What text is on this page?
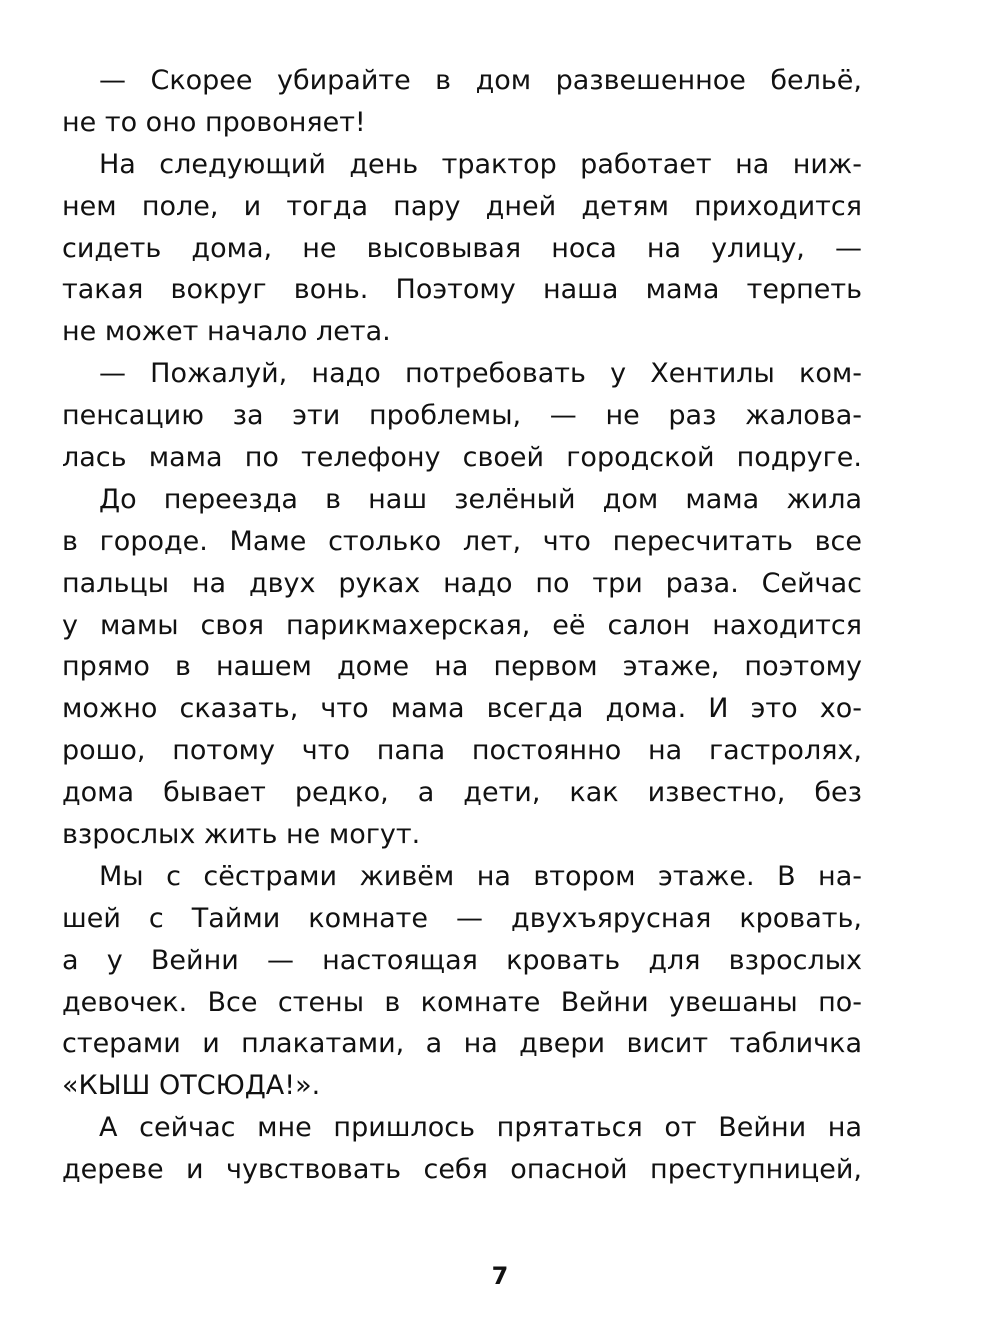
— Скорее убирайте в дом развешенное бельё,
не то оно провоняет!
На следующий день трактор работает на ниж-
нем поле, и тогда пару дней детям приходится
сидеть дома, не высовывая носа на улицу, —
такая вокруг вонь. Поэтому наша мама терпеть
не может начало лета.
— Пожалуй, надо потребовать у Хентилы ком-
пенсацию за эти проблемы, — не раз жалова-
лась мама по телефону своей городской подруге.
До переезда в наш зелёный дом мама жила
в городе. Маме столько лет, что пересчитать все
пальцы на двух руках надо по три раза. Сейчас
у мамы своя парикмахерская, её салон находится
прямо в нашем доме на первом этаже, поэтому
можно сказать, что мама всегда дома. И это хо-
рошо, потому что папа постоянно на гастролях,
дома бывает редко, а дети, как известно, без
взрослых жить не могут.
Мы с сёстрами живём на втором этаже. В на-
шей с Тайми комнате — двухъярусная кровать,
а у Вейни — настоящая кровать для взрослых
девочек. Все стены в комнате Вейни увешаны по-
стерами и плакатами, а на двери висит табличка
«КЫШ ОТСЮДА!».
А сейчас мне пришлось прятаться от Вейни на
дереве и чувствовать себя опасной преступницей,
7
